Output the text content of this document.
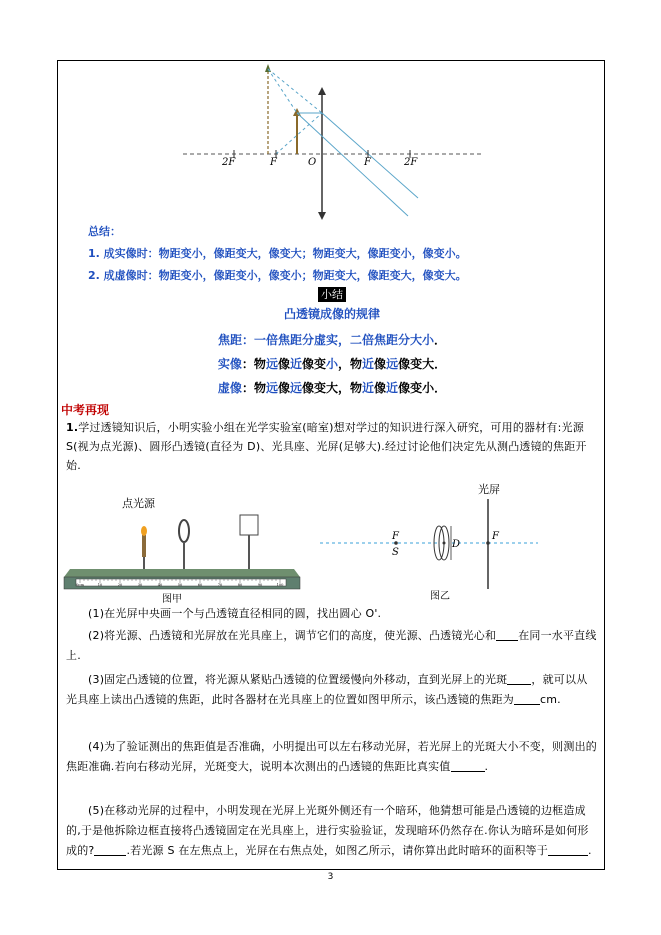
2F	F	O	F	2F
总结：
1. 成实像时：物距变小，像距变大，像变大；物距变大，像距变小，像变小。
2. 成虚像时：物距变小，像距变小，像变小；物距变大，像距变大，像变大。
小结
凸透镜成像的规律
焦距：一倍焦距分虚实，二倍焦距分大小．
实像：物远像近像变小，物近像远像变大．
虚像：物远像远像变大，物近像近像变小．
中考再现
1.学过透镜知识后，小明实验小组在光学实验室(暗室)想对学过的知识进行深入研究，可用的器材有:光源 S(视为点光源)、圆形凸透镜(直径为 D)、光具座、光屏(足够大).经过讨论他们决定先从测凸透镜的焦距开始.
点光源
0cm	10	20	30	40	50	60	70	80	90	100
图甲
光屏
F
S
D
F
图乙
(1)在光屏中央画一个与凸透镜直径相同的圆，找出圆心 O'.
(2)将光源、凸透镜和光屏放在光具座上，调节它们的高度，使光源、凸透镜光心和 在同一水平直线上.
(3)固定凸透镜的位置，将光源从紧贴凸透镜的位置缓慢向外移动，直到光屏上的光斑 ，就可以从光具座上读出凸透镜的焦距，此时各器材在光具座上的位置如图甲所示，该凸透镜的焦距为 cm.
(4)为了验证测出的焦距值是否准确，小明提出可以左右移动光屏，若光屏上的光斑大小不变，则测出的焦距准确.若向右移动光屏，光斑变大，说明本次测出的凸透镜的焦距比真实值	.
(5)在移动光屏的过程中，小明发现在光屏上光斑外侧还有一个暗环，他猜想可能是凸透镜的边框造成的,于是他拆除边框直接将凸透镜固定在光具座上，进行实验验证，发现暗环仍然存在.你认为暗环是如何形成的?	.若光源 S 在左焦点上，光屏在右焦点处，如图乙所示，请你算出此时暗环的面积等于	.
3
